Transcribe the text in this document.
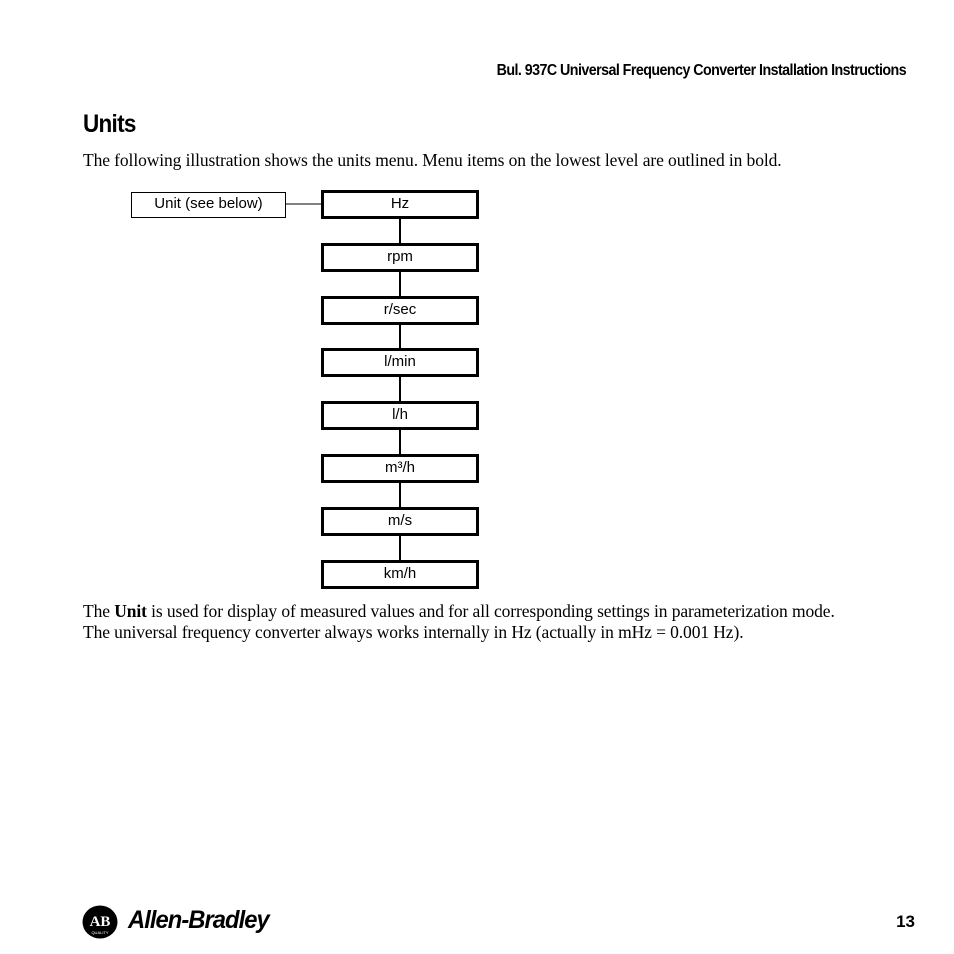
Bul. 937C Universal Frequency Converter Installation Instructions
Units

The following illustration shows the units menu. Menu items on the lowest level are outlined in bold.

Unit (see below)	Hz
rpm
r/sec
l/min
l/h
m³/h
m/s
km/h

The Unit is used for display of measured values and for all corresponding settings in parameterization mode.
The universal frequency converter always works internally in Hz (actually in mHz = 0.001 Hz).

AB
QUALITY Allen-Bradley	13
